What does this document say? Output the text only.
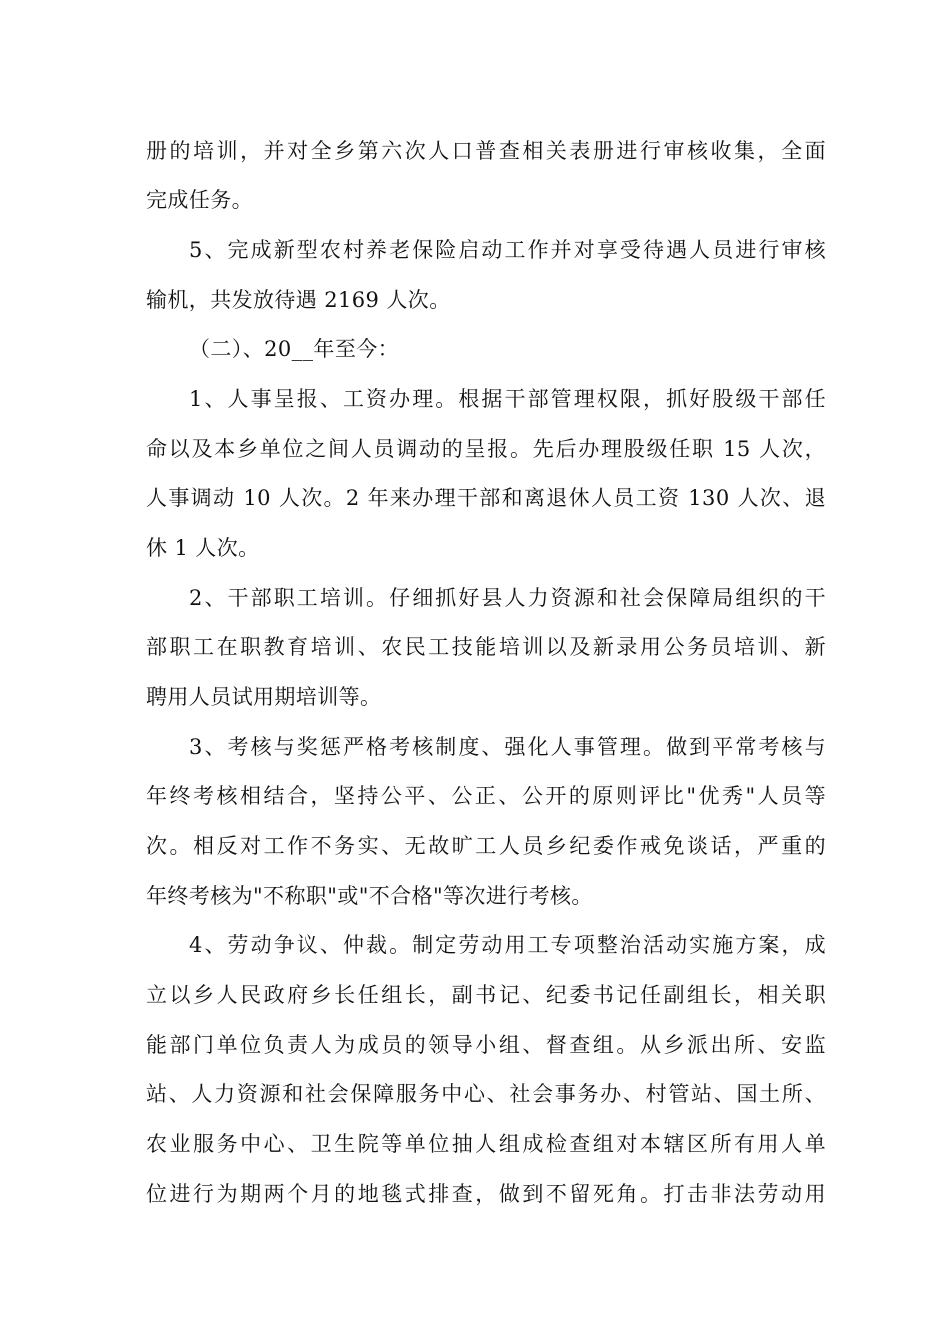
册的培训，并对全乡第六次人口普查相关表册进行审核收集，全面
完成任务。
5、完成新型农村养老保险启动工作并对享受待遇人员进行审核
输机，共发放待遇 2169 人次。
（二）、20__年至今：
1、人事呈报、工资办理。根据干部管理权限，抓好股级干部任
命以及本乡单位之间人员调动的呈报。先后办理股级任职 15 人次，
人事调动 10 人次。2 年来办理干部和离退休人员工资 130 人次、退
休 1 人次。
2、干部职工培训。仔细抓好县人力资源和社会保障局组织的干
部职工在职教育培训、农民工技能培训以及新录用公务员培训、新
聘用人员试用期培训等。
3、考核与奖惩严格考核制度、强化人事管理。做到平常考核与
年终考核相结合，坚持公平、公正、公开的原则评比"优秀"人员等
次。相反对工作不务实、无故旷工人员乡纪委作戒免谈话，严重的
年终考核为"不称职"或"不合格"等次进行考核。
4、劳动争议、仲裁。制定劳动用工专项整治活动实施方案，成
立以乡人民政府乡长任组长，副书记、纪委书记任副组长，相关职
能部门单位负责人为成员的领导小组、督查组。从乡派出所、安监
站、人力资源和社会保障服务中心、社会事务办、村管站、国土所、
农业服务中心、卫生院等单位抽人组成检查组对本辖区所有用人单
位进行为期两个月的地毯式排查，做到不留死角。打击非法劳动用
